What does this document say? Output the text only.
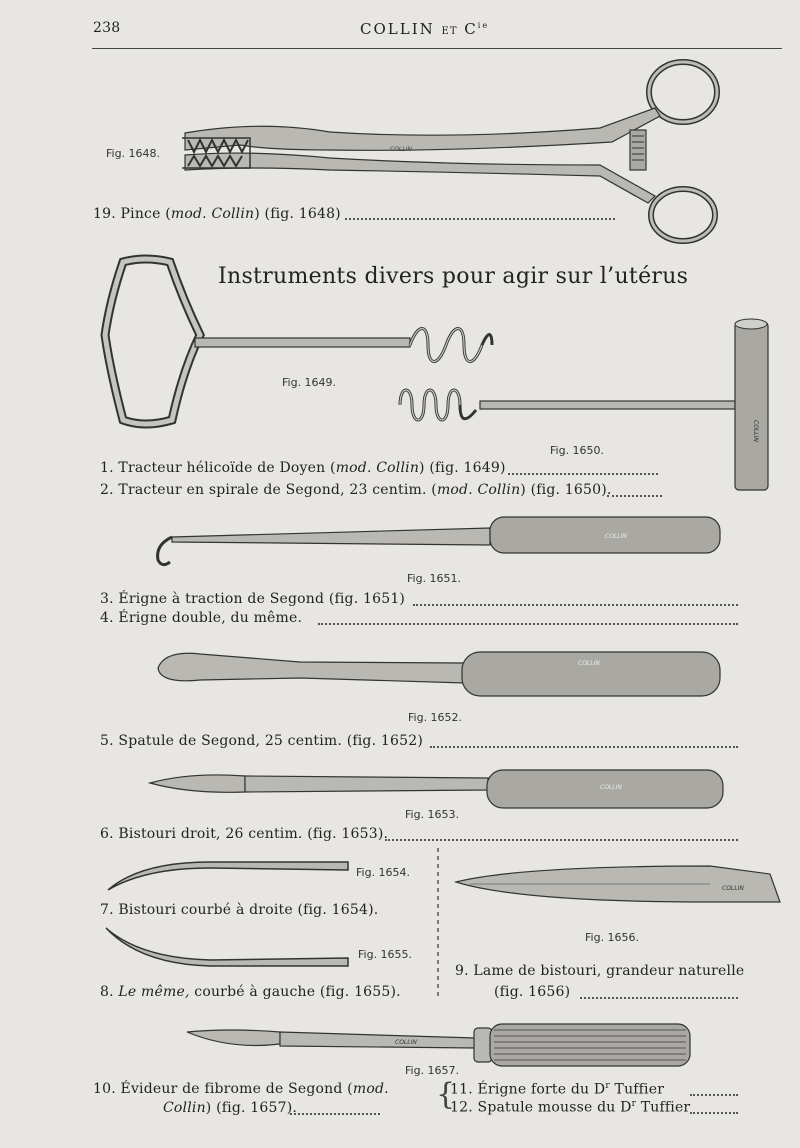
238	COLLIN ET $C^{ie}$
COLLIN
COLLIN
COLLIN
COLLIN
COLLIN
COLLIN
COLLIN
Fig. 1648.
19. Pince (mod. Collin) (fig. 1648)
Instruments divers pour agir sur l’utérus
Fig. 1649.
Fig. 1650.
1. Tracteur hélicoïde de Doyen (mod. Collin) (fig. 1649)
2. Tracteur en spirale de Segond, 23 centim. (mod. Collin) (fig. 1650).
Fig. 1651.
3. Érigne à traction de Segond (fig. 1651)
4. Érigne double, du même.
Fig. 1652.
5. Spatule de Segond, 25 centim. (fig. 1652)
Fig. 1653.
6. Bistouri droit, 26 centim. (fig. 1653).
Fig. 1654.
7. Bistouri courbé à droite (fig. 1654).
Fig. 1655.
8. Le même, courbé à gauche (fig. 1655).
Fig. 1656.
9. Lame de bistouri, grandeur naturelle
(fig. 1656)
Fig. 1657.
10. Évideur de fibrome de Segond (mod.
Collin) (fig. 1657).	{
11. Érigne forte du $D^r$ Tuffier
12. Spatule mousse du $D^r$ Tuffier
